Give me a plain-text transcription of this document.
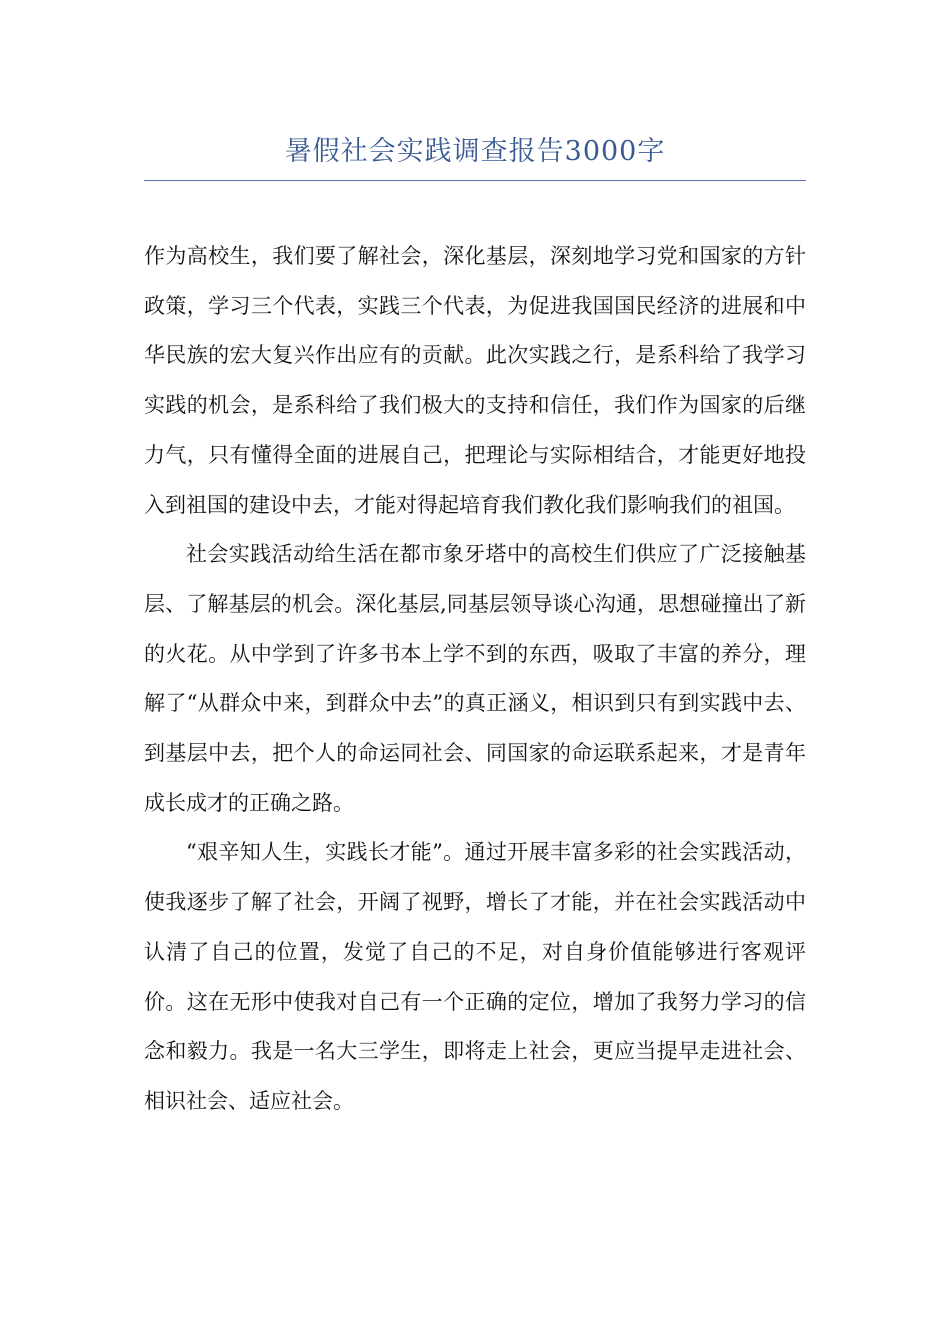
暑假社会实践调查报告3000字

作为高校生，我们要了解社会，深化基层，深刻地学习党和国家的方针政策，学习三个代表，实践三个代表，为促进我国国民经济的进展和中华民族的宏大复兴作出应有的贡献。此次实践之行，是系科给了我学习实践的机会，是系科给了我们极大的支持和信任，我们作为国家的后继力气，只有懂得全面的进展自己，把理论与实际相结合，才能更好地投入到祖国的建设中去，才能对得起培育我们教化我们影响我们的祖国。

社会实践活动给生活在都市象牙塔中的高校生们供应了广泛接触基层、了解基层的机会。深化基层,同基层领导谈心沟通，思想碰撞出了新的火花。从中学到了许多书本上学不到的东西，吸取了丰富的养分，理解了“从群众中来，到群众中去”的真正涵义，相识到只有到实践中去、到基层中去，把个人的命运同社会、同国家的命运联系起来，才是青年成长成才的正确之路。

“艰辛知人生，实践长才能”。通过开展丰富多彩的社会实践活动，使我逐步了解了社会，开阔了视野，增长了才能，并在社会实践活动中认清了自己的位置，发觉了自己的不足，对自身价值能够进行客观评价。这在无形中使我对自己有一个正确的定位，增加了我努力学习的信念和毅力。我是一名大三学生，即将走上社会，更应当提早走进社会、相识社会、适应社会。
